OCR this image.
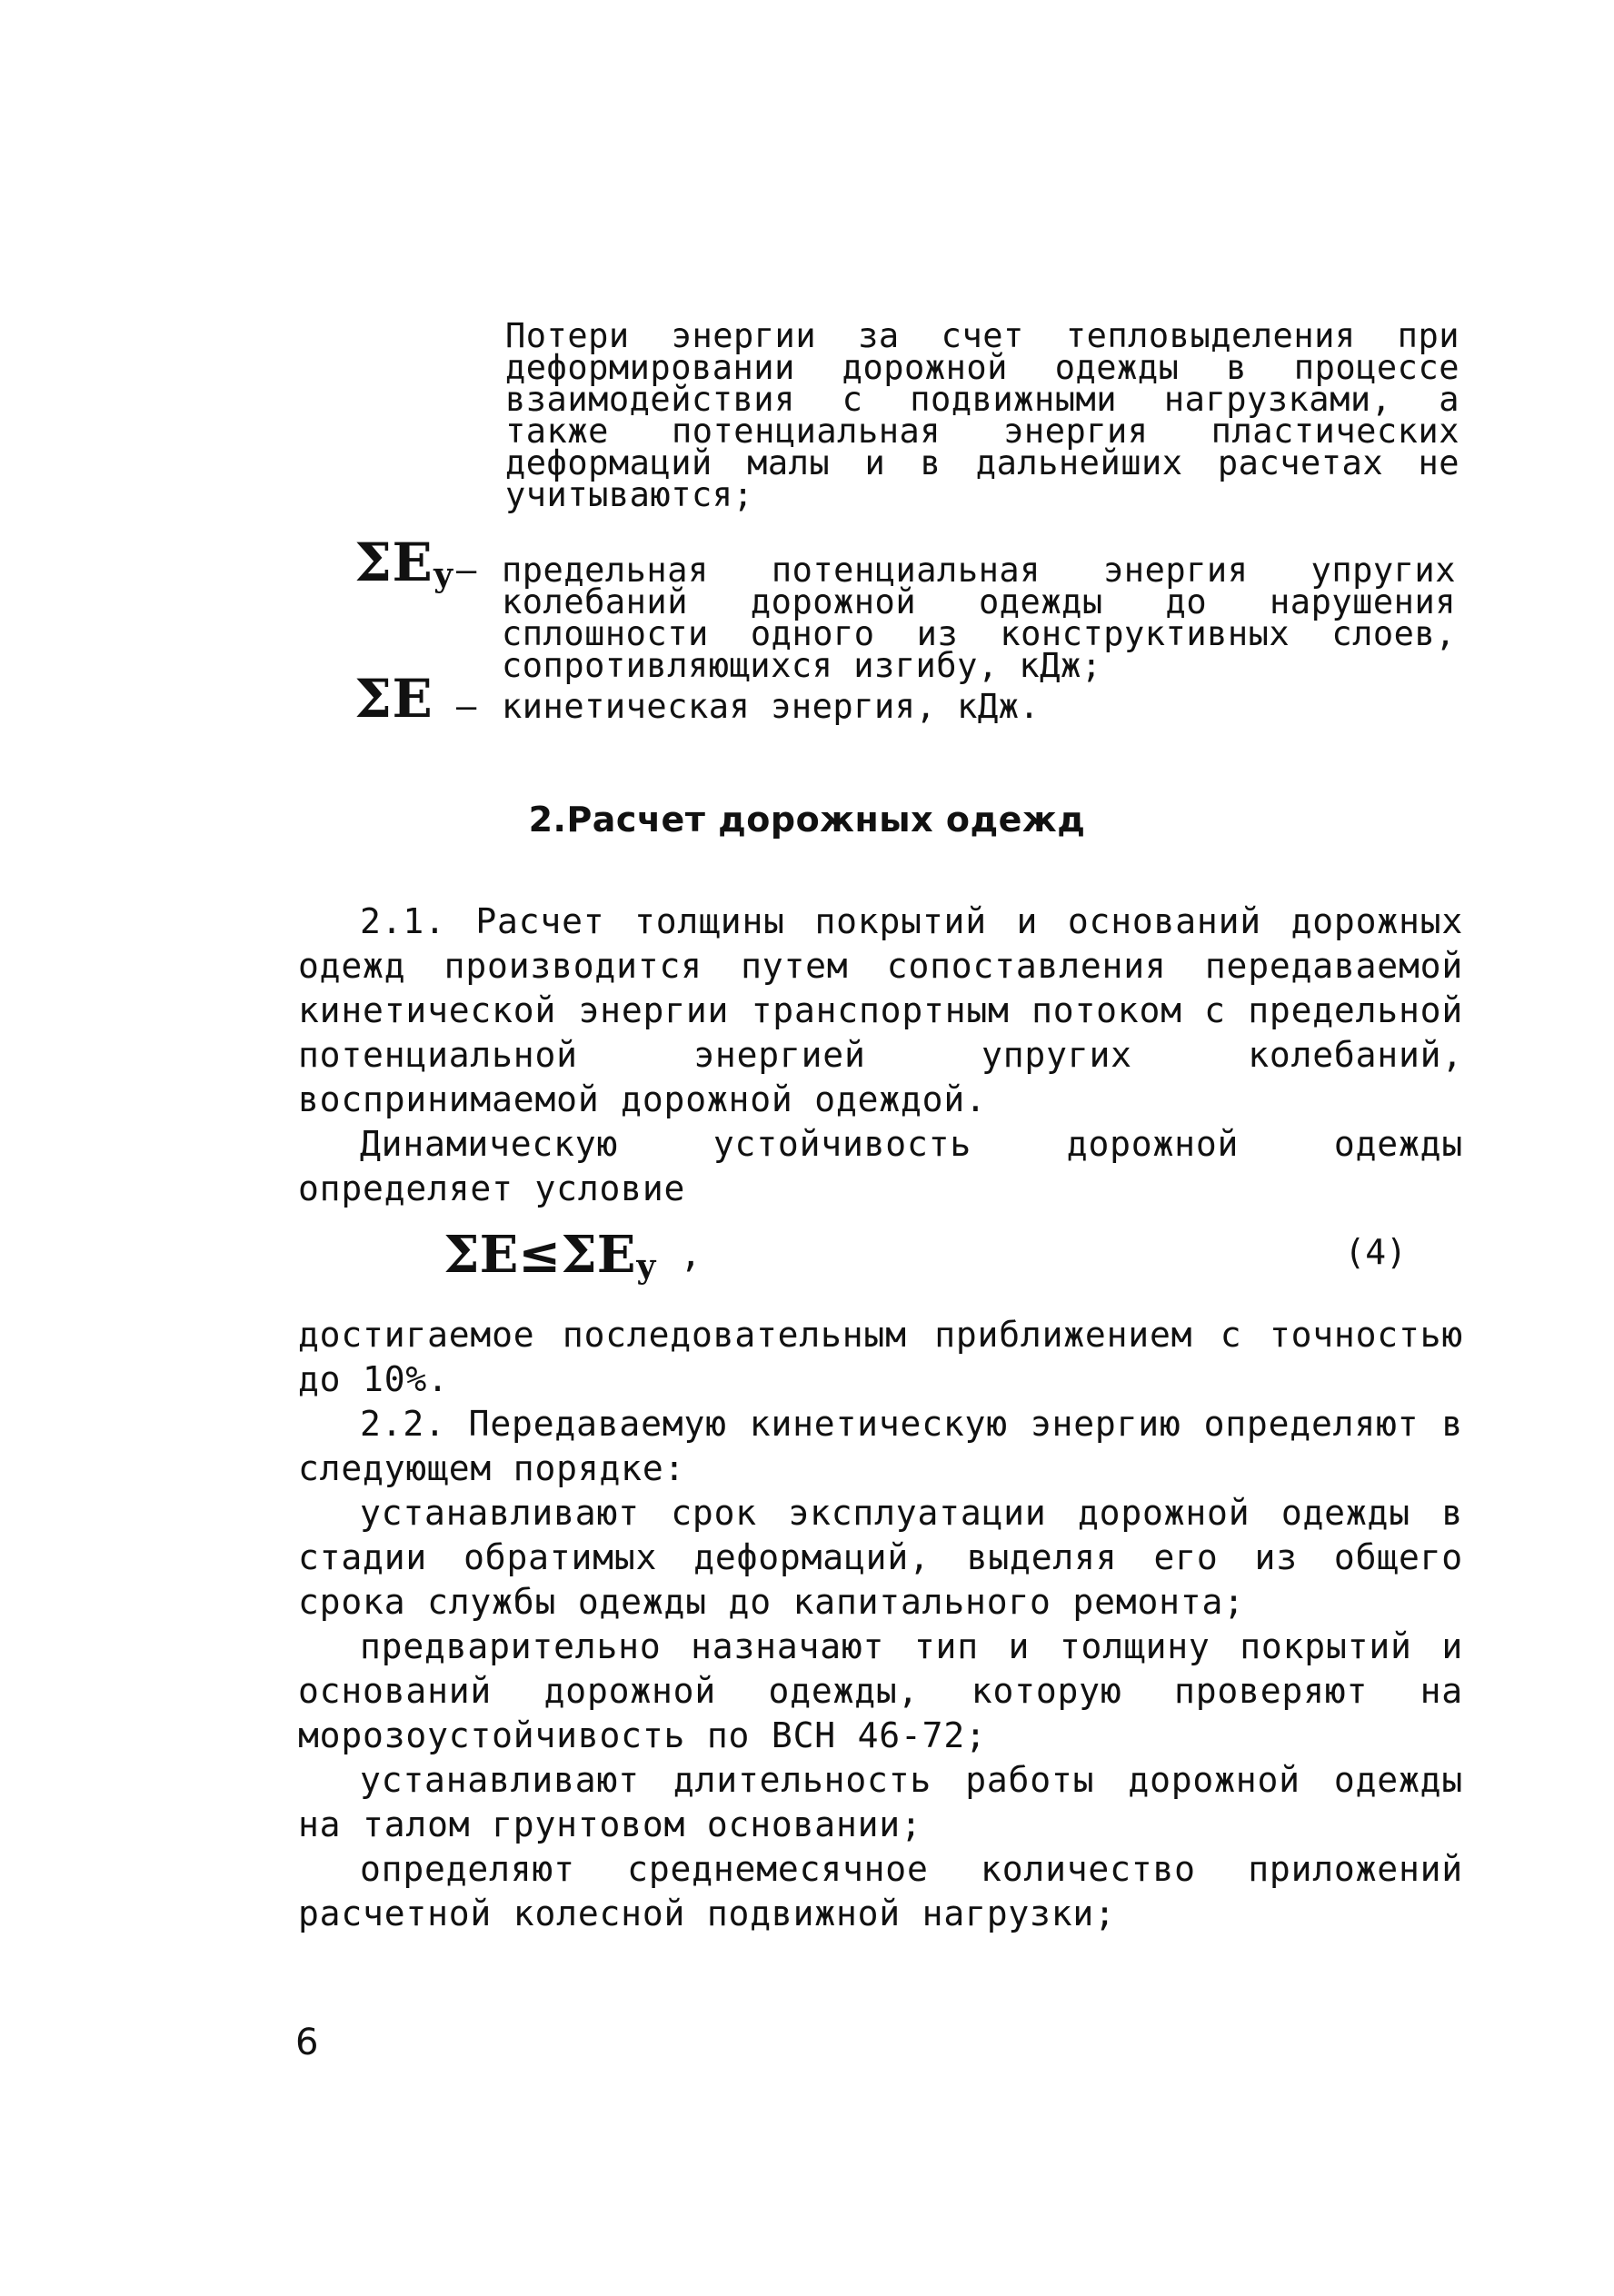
Потери энергии за счет тепловыделения при деформировании дорожной одежды в процессе взаимодействия с подвижными нагрузками, а также потенциальная энергия пластических деформаций малы и в дальнейших расчетах не учитываются;
$\Sigma E_у$ – предельная потенциальная энергия упругих колебаний дорожной одежды до нарушения сплошности одного из конструктивных слоев, сопротивляющихся изгибу, кДж;
ΣE – кинетическая энергия, кДж.
2.Расчет дорожных одежд

2.1. Расчет толщины покрытий и оснований дорожных одежд производится путем сопоставления передаваемой кинетической энергии транспортным потоком с предельной потенциальной энергией упругих колебаний, воспринимаемой дорожной одеждой.

Динамическую устойчивость дорожной одежды определяет условие

$\Sigma E\le\Sigma E_у$ ,	(4)

достигаемое последовательным приближением с точностью до 10%.

2.2. Передаваемую кинетическую энергию определяют в следующем порядке:

устанавливают срок эксплуатации дорожной одежды в стадии обратимых деформаций, выделяя его из общего срока службы одежды до капитального ремонта;

предварительно назначают тип и толщину покрытий и оснований дорожной одежды, которую проверяют на морозоустойчивость по ВСН 46-72;

устанавливают длительность работы дорожной одежды на талом грунтовом основании;

определяют среднемесячное количество приложений расчетной колесной подвижной нагрузки;

6
